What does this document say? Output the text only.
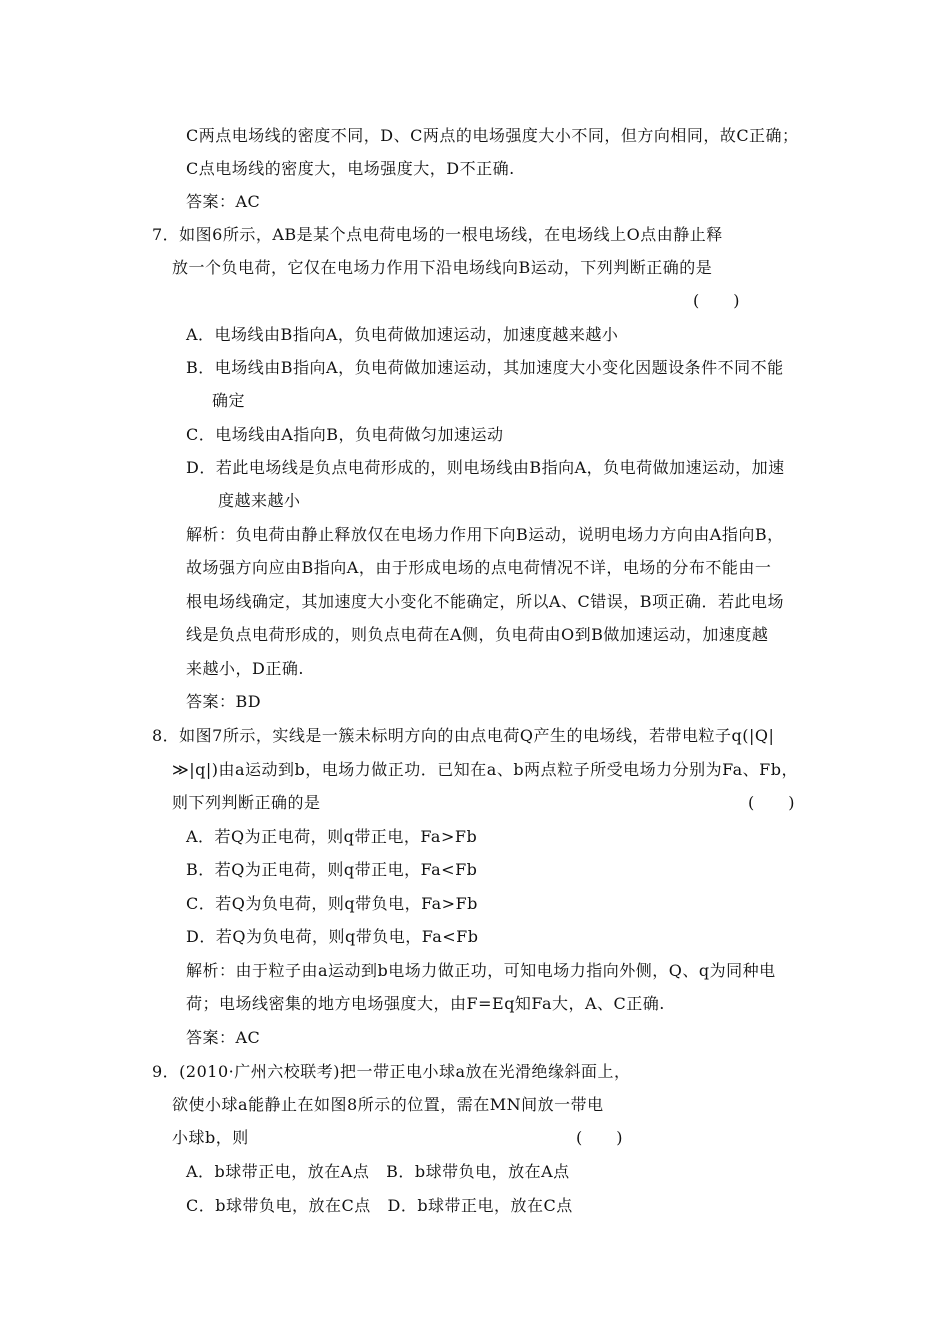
C两点电场线的密度不同，D、C两点的电场强度大小不同，但方向相同，故C正确；
C点电场线的密度大，电场强度大，D不正确.
答案：AC
7．如图6所示，AB是某个点电荷电场的一根电场线，在电场线上O点由静止释
放一个负电荷，它仅在电场力作用下沿电场线向B运动，下列判断正确的是
(      )
A．电场线由B指向A，负电荷做加速运动，加速度越来越小
B．电场线由B指向A，负电荷做加速运动，其加速度大小变化因题设条件不同不能
确定
C．电场线由A指向B，负电荷做匀加速运动
D．若此电场线是负点电荷形成的，则电场线由B指向A，负电荷做加速运动，加速
度越来越小
解析：负电荷由静止释放仅在电场力作用下向B运动，说明电场力方向由A指向B，
故场强方向应由B指向A，由于形成电场的点电荷情况不详，电场的分布不能由一
根电场线确定，其加速度大小变化不能确定，所以A、C错误，B项正确．若此电场
线是负点电荷形成的，则负点电荷在A侧，负电荷由O到B做加速运动，加速度越
来越小，D正确.
答案：BD
8．如图7所示，实线是一簇未标明方向的由点电荷Q产生的电场线，若带电粒子q(|Q|
≫|q|)由a运动到b，电场力做正功．已知在a、b两点粒子所受电场力分别为Fa、Fb，
则下列判断正确的是	(      )
A．若Q为正电荷，则q带正电，Fa>Fb
B．若Q为正电荷，则q带正电，Fa<Fb
C．若Q为负电荷，则q带负电，Fa>Fb
D．若Q为负电荷，则q带负电，Fa<Fb
解析：由于粒子由a运动到b电场力做正功，可知电场力指向外侧，Q、q为同种电
荷；电场线密集的地方电场强度大，由F=Eq知Fa大，A、C正确.
答案：AC
9．(2010·广州六校联考)把一带正电小球a放在光滑绝缘斜面上，
欲使小球a能静止在如图8所示的位置，需在MN间放一带电
小球b，则	(      )
A．b球带正电，放在A点   B．b球带负电，放在A点
C．b球带负电，放在C点   D．b球带正电，放在C点
